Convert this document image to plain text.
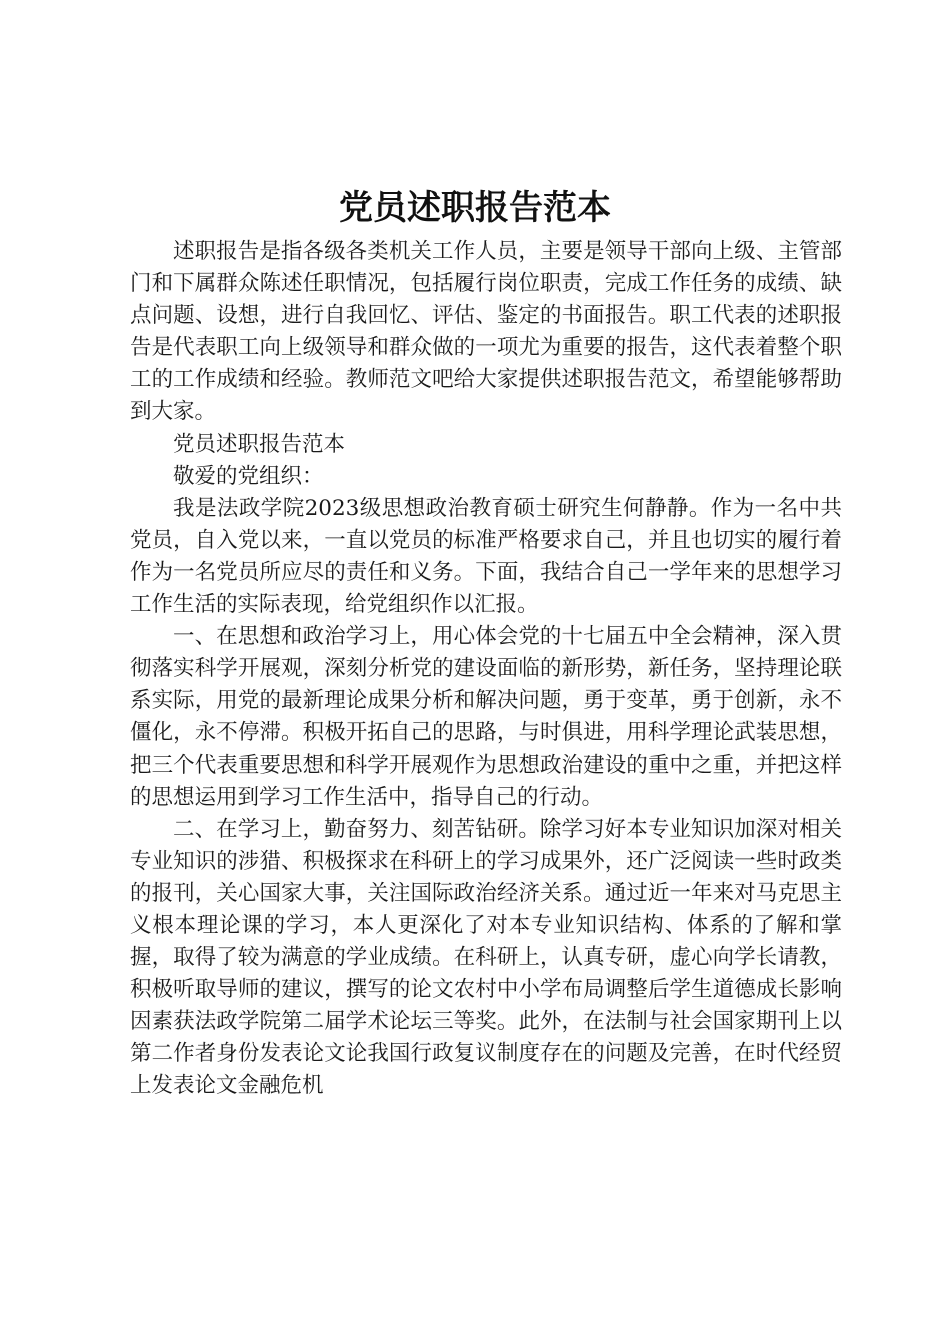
党员述职报告范本

述职报告是指各级各类机关工作人员，主要是领导干部向上级、主管部门和下属群众陈述任职情况，包括履行岗位职责，完成工作任务的成绩、缺点问题、设想，进行自我回忆、评估、鉴定的书面报告。职工代表的述职报告是代表职工向上级领导和群众做的一项尤为重要的报告，这代表着整个职工的工作成绩和经验。教师范文吧给大家提供述职报告范文，希望能够帮助到大家。

党员述职报告范本

敬爱的党组织：

我是法政学院2023级思想政治教育硕士研究生何静静。作为一名中共党员，自入党以来，一直以党员的标准严格要求自己，并且也切实的履行着作为一名党员所应尽的责任和义务。下面，我结合自己一学年来的思想学习工作生活的实际表现，给党组织作以汇报。

一、在思想和政治学习上，用心体会党的十七届五中全会精神，深入贯彻落实科学开展观，深刻分析党的建设面临的新形势，新任务，坚持理论联系实际，用党的最新理论成果分析和解决问题，勇于变革，勇于创新，永不僵化，永不停滞。积极开拓自己的思路，与时俱进，用科学理论武装思想，把三个代表重要思想和科学开展观作为思想政治建设的重中之重，并把这样的思想运用到学习工作生活中，指导自己的行动。

二、在学习上，勤奋努力、刻苦钻研。除学习好本专业知识加深对相关专业知识的涉猎、积极探求在科研上的学习成果外，还广泛阅读一些时政类的报刊，关心国家大事，关注国际政治经济关系。通过近一年来对马克思主义根本理论课的学习，本人更深化了对本专业知识结构、体系的了解和掌握，取得了较为满意的学业成绩。在科研上，认真专研，虚心向学长请教，积极听取导师的建议，撰写的论文农村中小学布局调整后学生道德成长影响因素获法政学院第二届学术论坛三等奖。此外，在法制与社会国家期刊上以第二作者身份发表论文论我国行政复议制度存在的问题及完善，在时代经贸上发表论文金融危机
